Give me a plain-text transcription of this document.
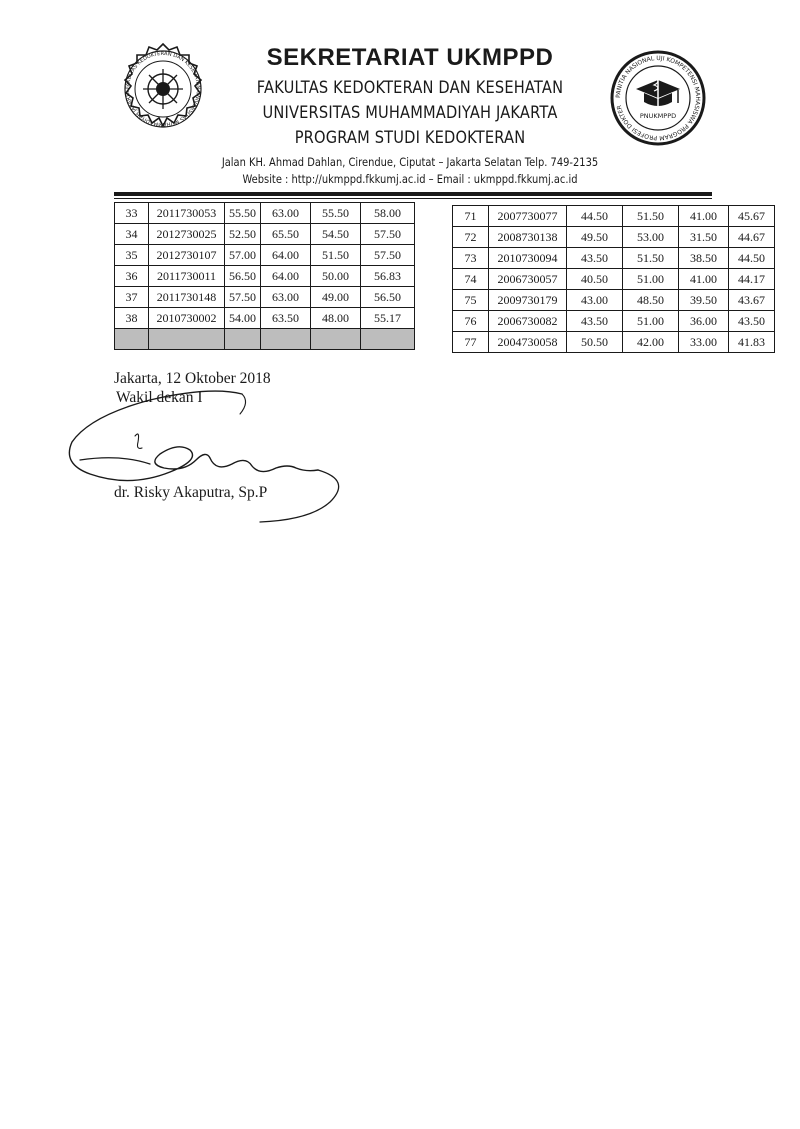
FAKULTAS KEDOKTERAN DAN KESEHATAN UNIVERSITAS MUHAMMADIYAH JAKARTA
SEKRETARIAT UKMPPD
FAKULTAS KEDOKTERAN DAN KESEHATAN
UNIVERSITAS MUHAMMADIYAH JAKARTA
PROGRAM STUDI KEDOKTERAN
Jalan KH. Ahmad Dahlan, Cirendue, Ciputat – Jakarta Selatan Telp. 749-2135
Website : http://ukmppd.fkkumj.ac.id – Email : ukmppd.fkkumj.ac.id
PANITIA NASIONAL UJI KOMPETENSI MAHASISWA PROGRAM PROFESI DOKTER
PNUKMPPD
33	2011730053	55.50	63.00	55.50	58.00
34	2012730025	52.50	65.50	54.50	57.50
35	2012730107	57.00	64.00	51.50	57.50
36	2011730011	56.50	64.00	50.00	56.83
37	2011730148	57.50	63.00	49.00	56.50
38	2010730002	54.00	63.50	48.00	55.17

71	2007730077	44.50	51.50	41.00	45.67
72	2008730138	49.50	53.00	31.50	44.67
73	2010730094	43.50	51.50	38.50	44.50
74	2006730057	40.50	51.00	41.00	44.17
75	2009730179	43.00	48.50	39.50	43.67
76	2006730082	43.50	51.00	36.00	43.50
77	2004730058	50.50	42.00	33.00	41.83
Jakarta, 12 Oktober 2018
Wakil dekan I
dr. Risky Akaputra, Sp.P
